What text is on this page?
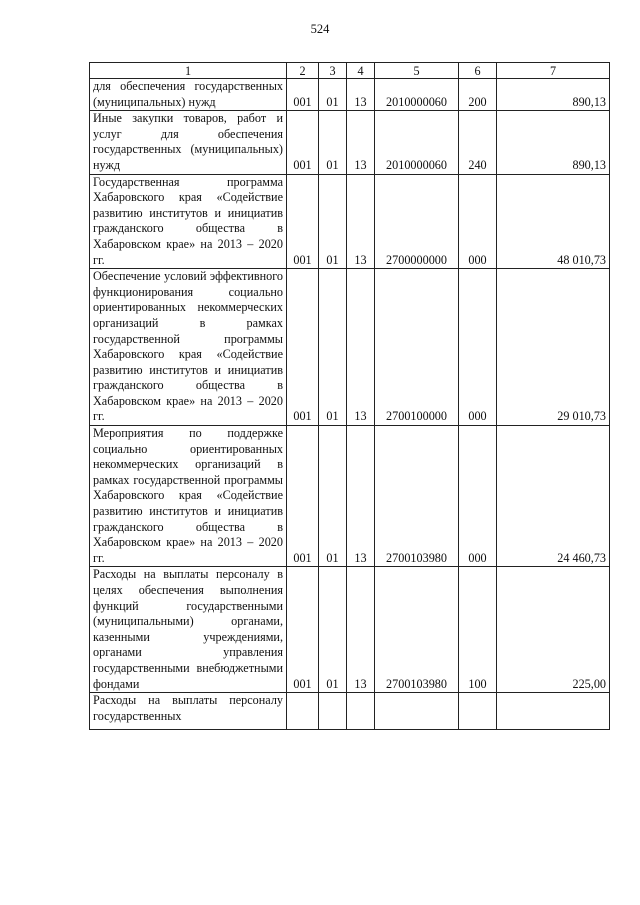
524
1	2	3	4	5	6	7
для обеспечения государственных (муниципальных) нужд	001	01	13	2010000060	200	890,13
Иные закупки товаров, работ и услуг для обеспечения государственных (муниципальных) нужд	001	01	13	2010000060	240	890,13
Государственная программа Хабаровского края «Содействие развитию институтов и инициатив гражданского общества в Хабаровском крае» на 2013 – 2020 гг.	001	01	13	2700000000	000	48 010,73
Обеспечение условий эффективного функционирования социально ориентированных некоммерческих организаций в рамках государственной программы Хабаровского края «Содействие развитию институтов и инициатив гражданского общества в Хабаровском крае» на 2013 – 2020 гг.	001	01	13	2700100000	000	29 010,73
Мероприятия по поддержке социально ориентированных некоммерческих организаций в рамках государственной программы Хабаровского края «Содействие развитию институтов и инициатив гражданского общества в Хабаровском крае» на 2013 – 2020 гг.	001	01	13	2700103980	000	24 460,73
Расходы на выплаты персоналу в целях обеспечения выполнения функций государственными (муниципальными) органами, казенными учреждениями, органами управления государственными внебюджетными фондами	001	01	13	2700103980	100	225,00
Расходы на выплаты персоналу государственных						
